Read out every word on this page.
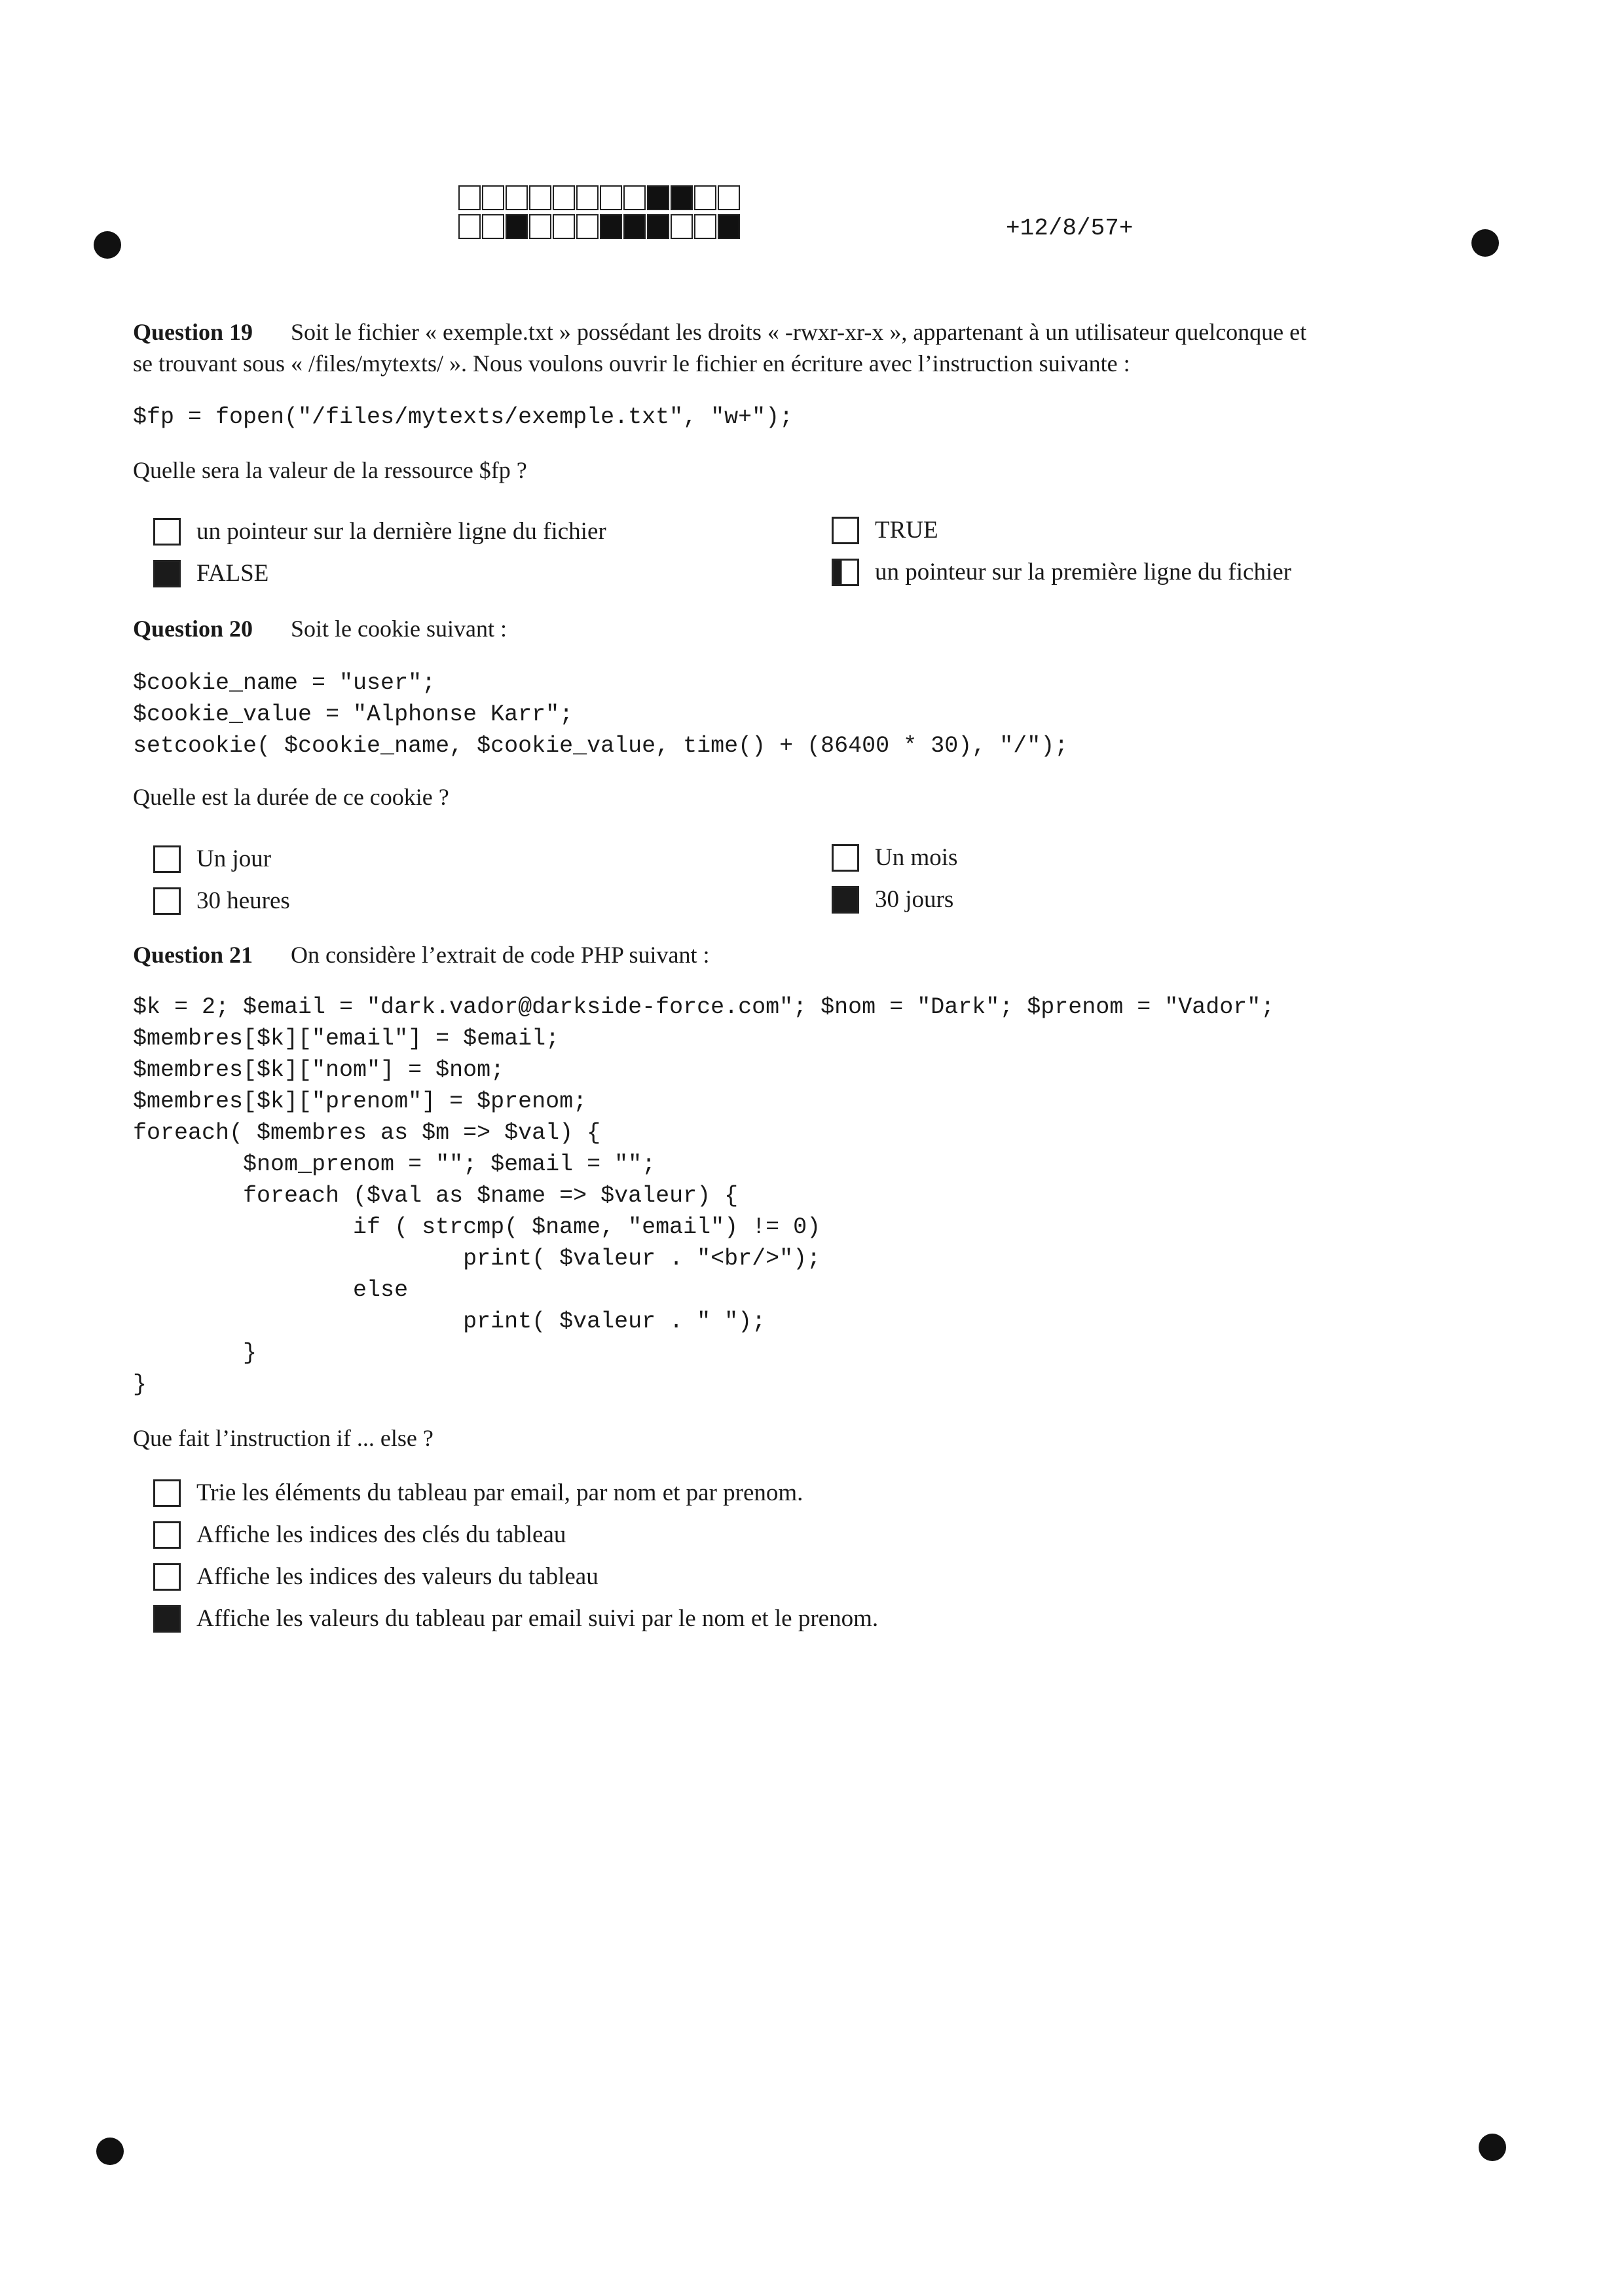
+12/8/57+
Question 19 Soit le fichier « exemple.txt » possédant les droits « -rwxr-xr-x », appartenant à un utilisateur quelconque et
se trouvant sous « /files/mytexts/ ». Nous voulons ouvrir le fichier en écriture avec l’instruction suivante :
$fp = fopen("/files/mytexts/exemple.txt", "w+");
Quelle sera la valeur de la ressource $fp ?
un pointeur sur la dernière ligne du fichier
FALSE
TRUE
un pointeur sur la première ligne du fichier
Question 20 Soit le cookie suivant :
$cookie_name = "user";
$cookie_value = "Alphonse Karr";
setcookie( $cookie_name, $cookie_value, time() + (86400 * 30), "/");
Quelle est la durée de ce cookie ?
Un jour
30 heures
Un mois
30 jours
Question 21 On considère l’extrait de code PHP suivant :
$k = 2; $email = "dark.vador@darkside-force.com"; $nom = "Dark"; $prenom = "Vador";
$membres[$k]["email"] = $email;
$membres[$k]["nom"] = $nom;
$membres[$k]["prenom"] = $prenom;
foreach( $membres as $m => $val) {
$nom_prenom = ""; $email = "";
foreach ($val as $name => $valeur) {
if ( strcmp( $name, "email") != 0)
print( $valeur . "<br/>");
else
print( $valeur . " ");
}
}
Que fait l’instruction if ... else ?
Trie les éléments du tableau par email, par nom et par prenom.
Affiche les indices des clés du tableau
Affiche les indices des valeurs du tableau
Affiche les valeurs du tableau par email suivi par le nom et le prenom.
